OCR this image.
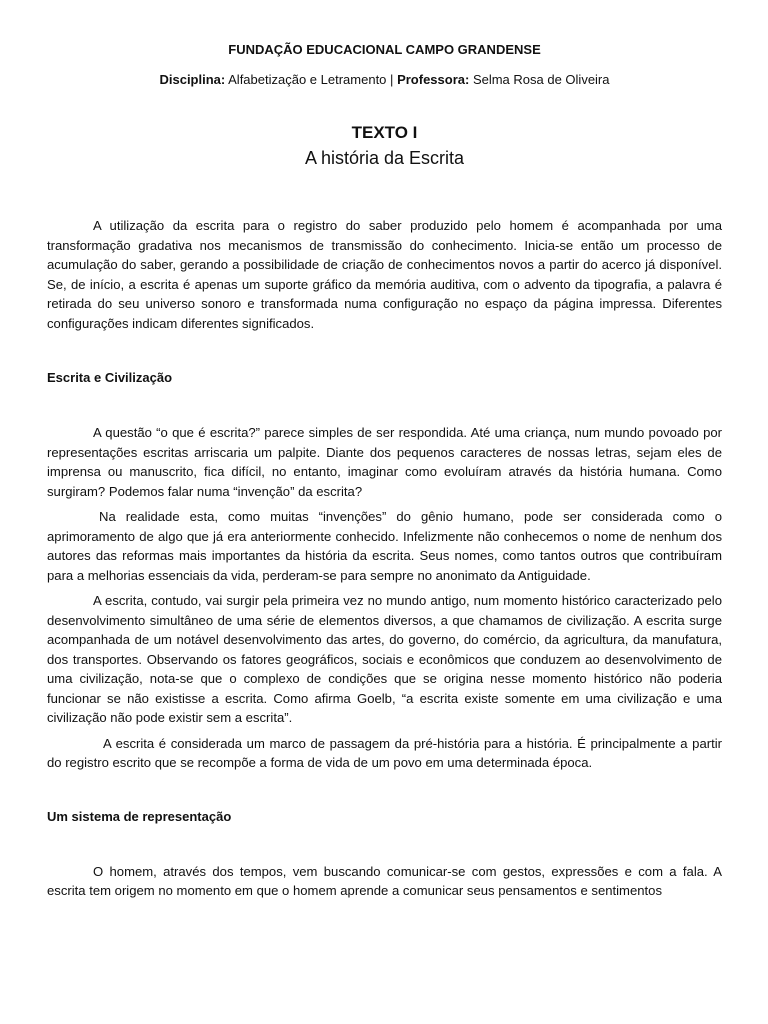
FUNDAÇÃO EDUCACIONAL CAMPO GRANDENSE
Disciplina: Alfabetização e Letramento | Professora: Selma Rosa de Oliveira
TEXTO I
A história da Escrita

A utilização da escrita para o registro do saber produzido pelo homem é acompanhada por uma transformação gradativa nos mecanismos de transmissão do conhecimento. Inicia-se então um processo de acumulação do saber, gerando a possibilidade de criação de conhecimentos novos a partir do acerco já disponível. Se, de início, a escrita é apenas um suporte gráfico da memória auditiva, com o advento da tipografia, a palavra é retirada do seu universo sonoro e transformada numa configuração no espaço da página impressa. Diferentes configurações indicam diferentes significados.

Escrita e Civilização

A questão “o que é escrita?” parece simples de ser respondida. Até uma criança, num mundo povoado por representações escritas arriscaria um palpite. Diante dos pequenos caracteres de nossas letras, sejam eles de imprensa ou manuscrito, fica difícil, no entanto, imaginar como evoluíram através da história humana. Como surgiram? Podemos falar numa “invenção” da escrita?

Na realidade esta, como muitas “invenções” do gênio humano, pode ser considerada como o aprimoramento de algo que já era anteriormente conhecido. Infelizmente não conhecemos o nome de nenhum dos autores das reformas mais importantes da história da escrita. Seus nomes, como tantos outros que contribuíram para a melhorias essenciais da vida, perderam-se para sempre no anonimato da Antiguidade.

A escrita, contudo, vai surgir pela primeira vez no mundo antigo, num momento histórico caracterizado pelo desenvolvimento simultâneo de uma série de elementos diversos, a que chamamos de civilização. A escrita surge acompanhada de um notável desenvolvimento das artes, do governo, do comércio, da agricultura, da manufatura, dos transportes. Observando os fatores geográficos, sociais e econômicos que conduzem ao desenvolvimento de uma civilização, nota-se que o complexo de condições que se origina nesse momento histórico não poderia funcionar se não existisse a escrita. Como afirma Goelb, “a escrita existe somente em uma civilização e uma civilização não pode existir sem a escrita”.

A escrita é considerada um marco de passagem da pré-história para a história. É principalmente a partir do registro escrito que se recompõe a forma de vida de um povo em uma determinada época.

Um sistema de representação

O homem, através dos tempos, vem buscando comunicar-se com gestos, expressões e com a fala. A escrita tem origem no momento em que o homem aprende a comunicar seus pensamentos e sentimentos
